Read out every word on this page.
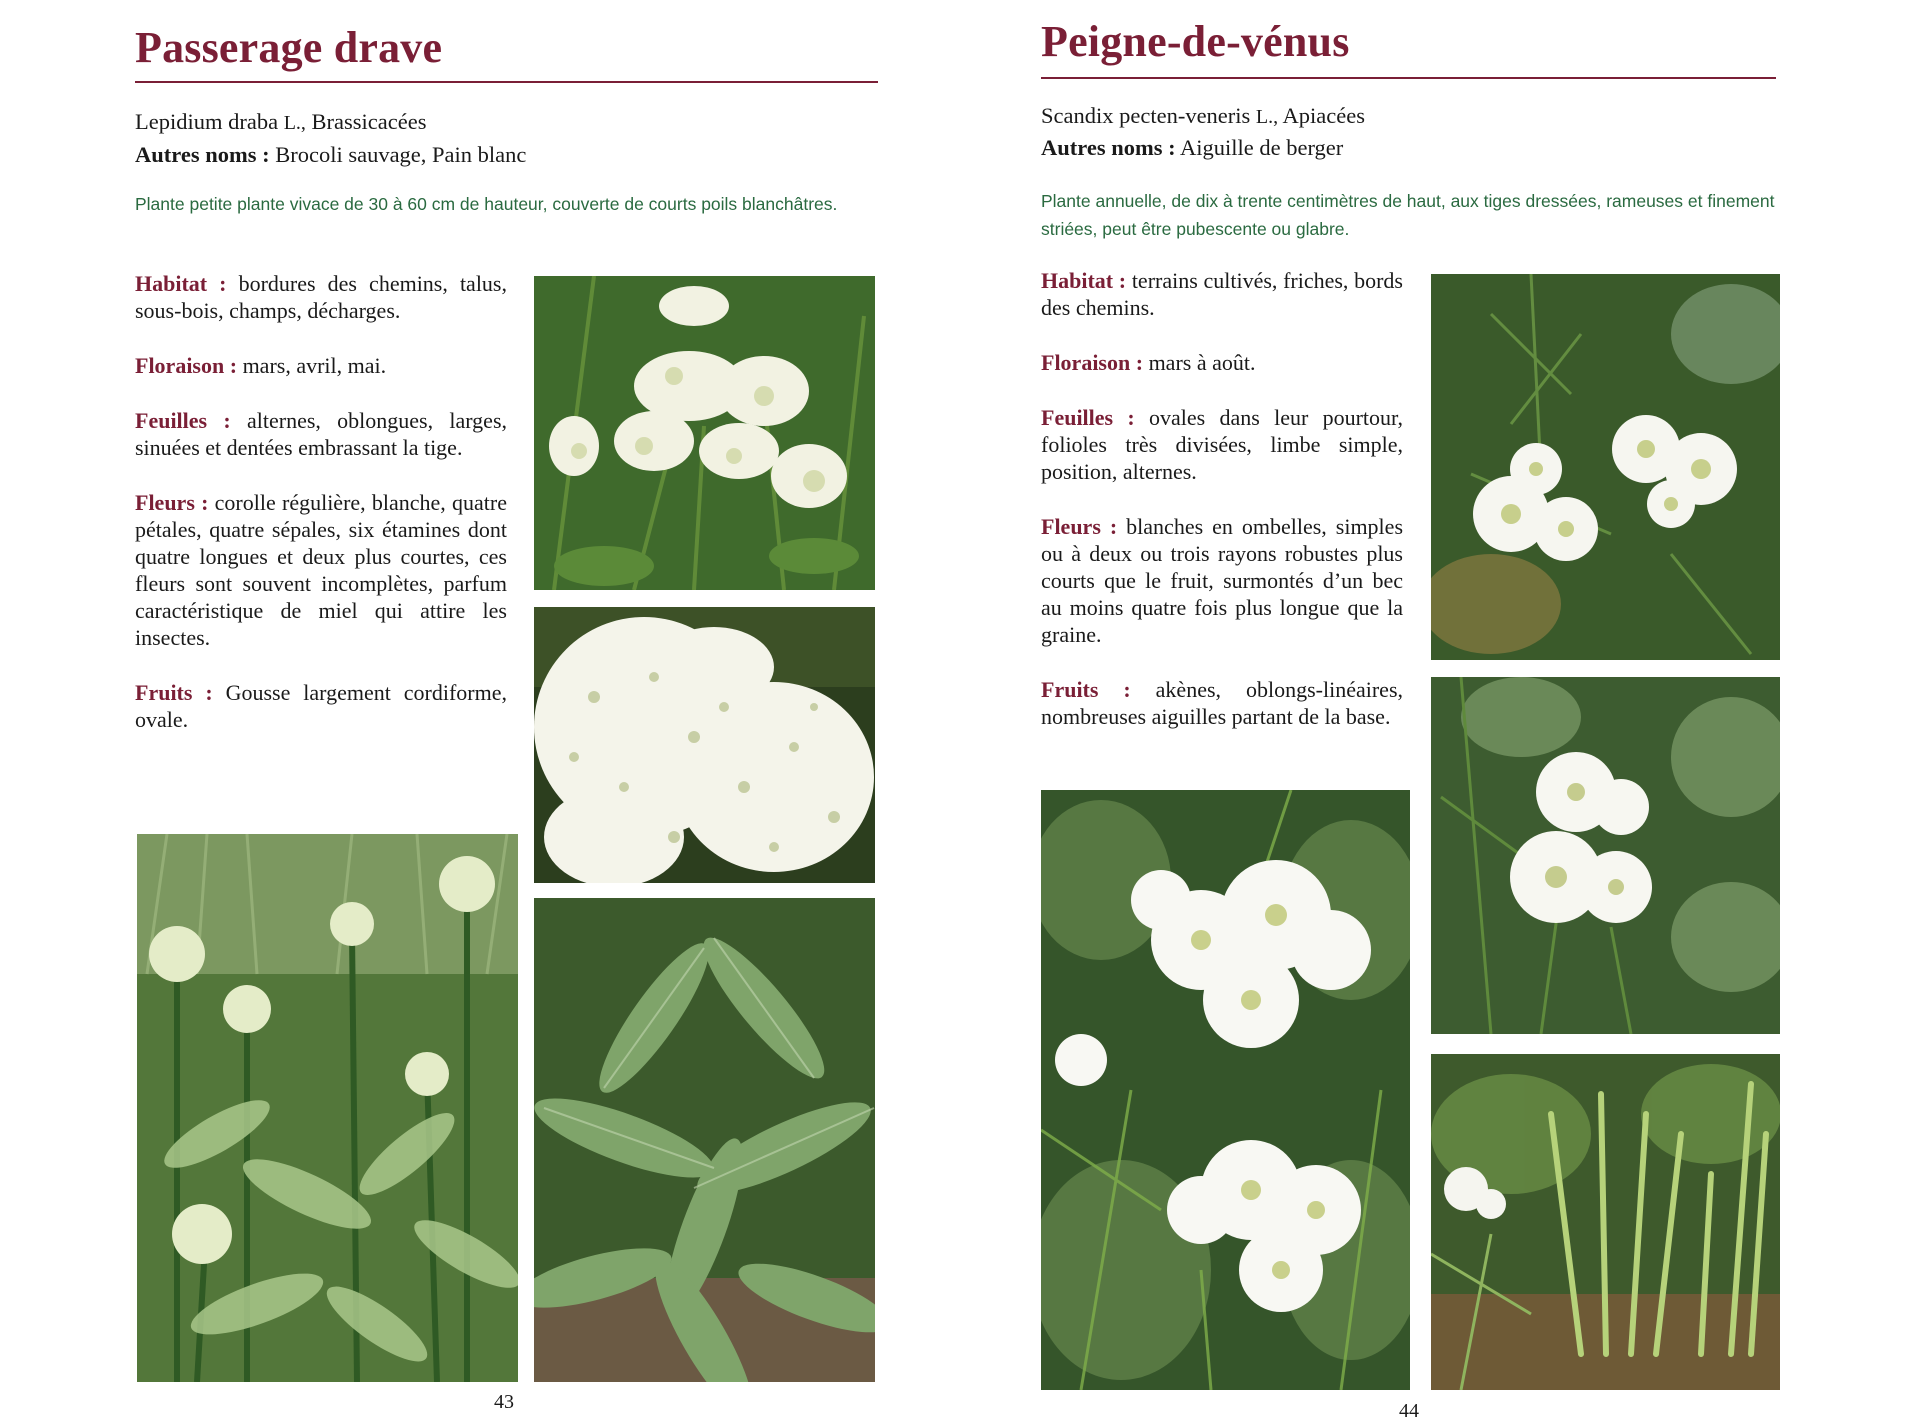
Passerage drave
Lepidium draba L., Brassicacées
Autres noms : Brocoli sauvage, Pain blanc

Plante petite plante vivace de 30 à 60 cm de hauteur, couverte de courts poils blanchâtres.

Habitat : bordures des chemins, talus, sous-bois, champs, décharges.

Floraison : mars, avril, mai.

Feuilles : alternes, oblongues, larges, sinuées et dentées embrassant la tige.

Fleurs : corolle régulière, blanche, quatre pétales, quatre sépales, six étamines dont quatre longues et deux plus courtes, ces fleurs sont souvent incomplètes, parfum caractéristique de miel qui attire les insectes.

Fruits : Gousse largement cordiforme, ovale.

43
Peigne-de-vénus
Scandix pecten-veneris L., Apiacées
Autres noms : Aiguille de berger

Plante annuelle, de dix à trente centimètres de haut, aux tiges dressées, rameuses et finement striées, peut être pubescente ou glabre.

Habitat : terrains cultivés, friches, bords des chemins.

Floraison : mars à août.

Feuilles : ovales dans leur pourtour, folioles très divisées, limbe simple, position, alternes.

Fleurs : blanches en ombelles, simples ou à deux ou trois rayons robustes plus courts que le fruit, surmontés d’un bec au moins quatre fois plus longue que la graine.

Fruits : akènes, oblongs-linéaires, nombreuses aiguilles partant de la base.

44
